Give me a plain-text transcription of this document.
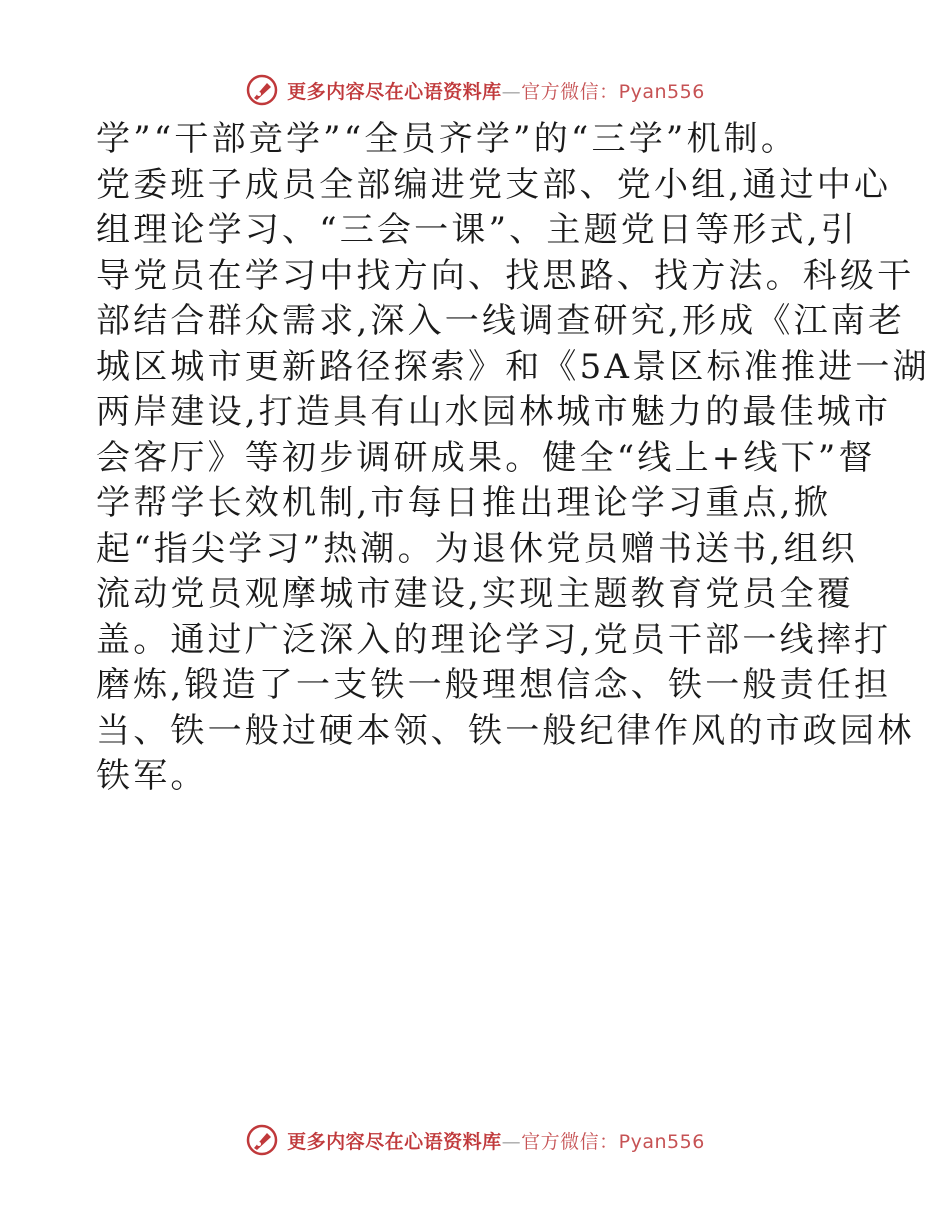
更多内容尽在心语资料库—官方微信：Pyan556
学”“干部竞学”“全员齐学”的“三学”机制。
党委班子成员全部编进党支部、党小组,通过中心
组理论学习、“三会一课”、主题党日等形式,引
导党员在学习中找方向、找思路、找方法。科级干
部结合群众需求,深入一线调查研究,形成《江南老
城区城市更新路径探索》和《5A景区标准推进一湖
两岸建设,打造具有山水园林城市魅力的最佳城市
会客厅》等初步调研成果。健全“线上+线下”督
学帮学长效机制,市每日推出理论学习重点,掀
起“指尖学习”热潮。为退休党员赠书送书,组织
流动党员观摩城市建设,实现主题教育党员全覆
盖。通过广泛深入的理论学习,党员干部一线摔打
磨炼,锻造了一支铁一般理想信念、铁一般责任担
当、铁一般过硬本领、铁一般纪律作风的市政园林
铁军。
更多内容尽在心语资料库—官方微信：Pyan556
